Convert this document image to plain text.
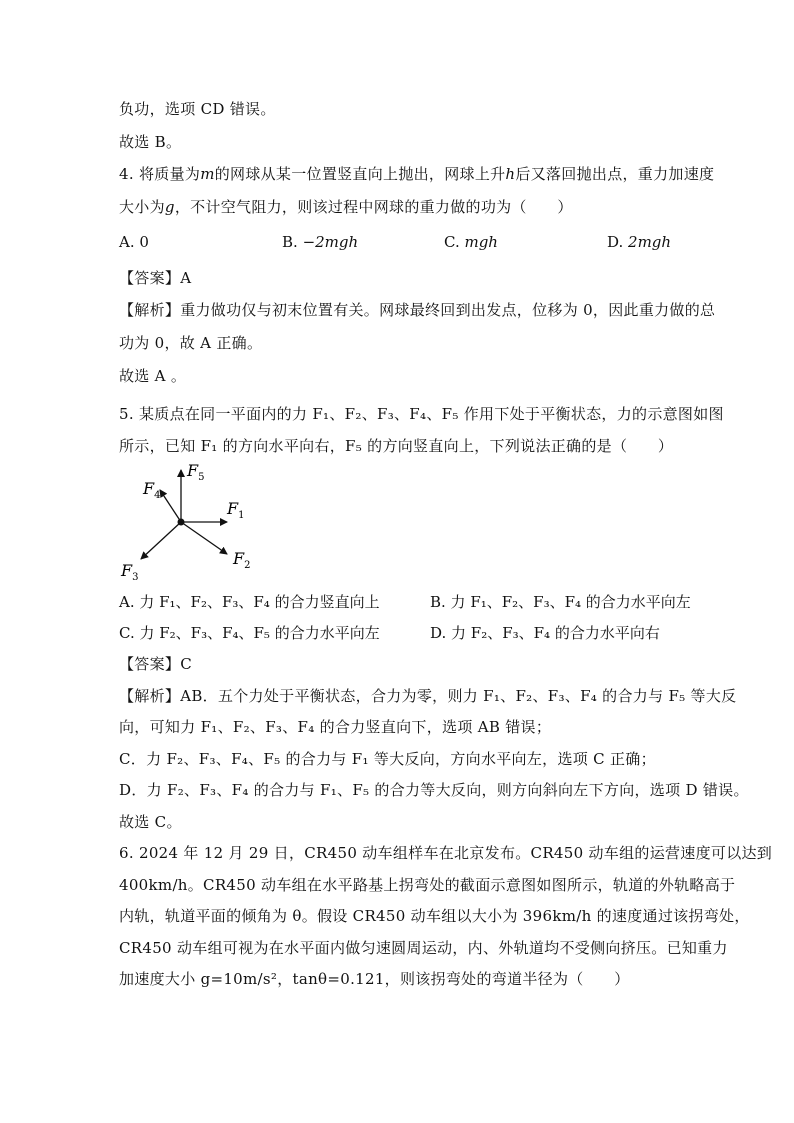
负功，选项 CD 错误。
故选 B。
4. 将质量为m的网球从某一位置竖直向上抛出，网球上升h后又落回抛出点，重力加速度
大小为g，不计空气阻力，则该过程中网球的重力做的功为（　　）
A. 0	B. −2mgh	C. mgh	D. 2mgh
【答案】A
【解析】重力做功仅与初末位置有关。网球最终回到出发点，位移为 0，因此重力做的总
功为 0，故 A 正确。
故选 A 。
5. 某质点在同一平面内的力 F₁、F₂、F₃、F₄、F₅ 作用下处于平衡状态，力的示意图如图
所示，已知 F₁ 的方向水平向右，F₅ 的方向竖直向上，下列说法正确的是（　　）
$F_5$
$F_4$
$F_1$
$F_2$
$F_3$
A. 力 F₁、F₂、F₃、F₄ 的合力竖直向上	B. 力 F₁、F₂、F₃、F₄ 的合力水平向左
C. 力 F₂、F₃、F₄、F₅ 的合力水平向左	D. 力 F₂、F₃、F₄ 的合力水平向右
【答案】C
【解析】AB．五个力处于平衡状态，合力为零，则力 F₁、F₂、F₃、F₄ 的合力与 F₅ 等大反
向，可知力 F₁、F₂、F₃、F₄ 的合力竖直向下，选项 AB 错误；
C．力 F₂、F₃、F₄、F₅ 的合力与 F₁ 等大反向，方向水平向左，选项 C 正确；
D．力 F₂、F₃、F₄ 的合力与 F₁、F₅ 的合力等大反向，则方向斜向左下方向，选项 D 错误。
故选 C。
6. 2024 年 12 月 29 日，CR450 动车组样车在北京发布。CR450 动车组的运营速度可以达到
400km/h。CR450 动车组在水平路基上拐弯处的截面示意图如图所示，轨道的外轨略高于
内轨，轨道平面的倾角为 θ。假设 CR450 动车组以大小为 396km/h 的速度通过该拐弯处，
CR450 动车组可视为在水平面内做匀速圆周运动，内、外轨道均不受侧向挤压。已知重力
加速度大小 g=10m/s²，tanθ=0.121，则该拐弯处的弯道半径为（　　）
